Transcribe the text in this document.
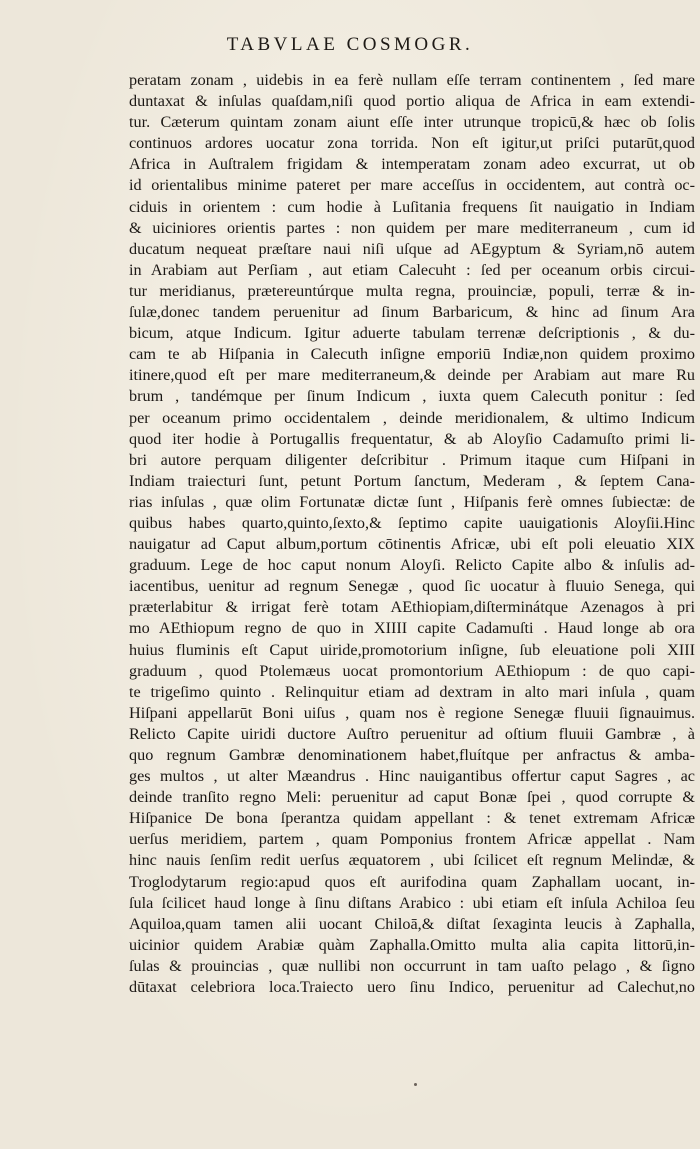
TABVLAE COSMOGR.
peratam zonam , uidebis in ea ferè nullam eſſe terram continentem , ſed mare
duntaxat & inſulas quaſdam,niſi quod portio aliqua de Africa in eam extendi-
tur. Cæterum quintam zonam aiunt eſſe inter utrunque tropicū,& hæc ob ſolis
continuos ardores uocatur zona torrida. Non eſt igitur,ut priſci putarūt,quod
Africa in Auſtralem frigidam & intemperatam zonam adeo excurrat, ut ob
id orientalibus minime pateret per mare acceſſus in occidentem, aut contrà oc-
ciduis in orientem : cum hodie à Luſitania frequens ſit nauigatio in Indiam
& uiciniores orientis partes : non quidem per mare mediterraneum , cum id
ducatum nequeat præſtare naui niſi uſque ad AEgyptum & Syriam,nō autem
in Arabiam aut Perſiam , aut etiam Calecuht : ſed per oceanum orbis circui-
tur meridianus, prætereuntúrque multa regna, prouinciæ, populi, terræ & in-
ſulæ,donec tandem peruenitur ad ſinum Barbaricum, & hinc ad ſinum Ara
bicum, atque Indicum. Igitur aduerte tabulam terrenæ deſcriptionis , & du-
cam te ab Hiſpania in Calecuth inſigne emporiū Indiæ,non quidem proximo
itinere,quod eſt per mare mediterraneum,& deinde per Arabiam aut mare Ru
brum , tandémque per ſinum Indicum , iuxta quem Calecuth ponitur : ſed
per oceanum primo occidentalem , deinde meridionalem, & ultimo Indicum
quod iter hodie à Portugallis frequentatur, & ab Aloyſio Cadamuſto primi li-
bri autore perquam diligenter deſcribitur . Primum itaque cum Hiſpani in
Indiam traiecturi ſunt, petunt Portum ſanctum, Mederam , & ſeptem Cana-
rias inſulas , quæ olim Fortunatæ dictæ ſunt , Hiſpanis ferè omnes ſubiectæ: de
quibus habes quarto,quinto,ſexto,& ſeptimo capite uauigationis Aloyſii.Hinc
nauigatur ad Caput album,portum cōtinentis Africæ, ubi eſt poli eleuatio XIX
graduum. Lege de hoc caput nonum Aloyſi. Relicto Capite albo & inſulis ad-
iacentibus, uenitur ad regnum Senegæ , quod ſic uocatur à fluuio Senega, qui
præterlabitur & irrigat ferè totam AEthiopiam,diſterminátque Azenagos à pri
mo AEthiopum regno de quo in XIIII capite Cadamuſti . Haud longe ab ora
huius fluminis eſt Caput uiride,promotorium inſigne, ſub eleuatione poli XIII
graduum , quod Ptolemæus uocat promontorium AEthiopum : de quo capi-
te trigeſimo quinto . Relinquitur etiam ad dextram in alto mari inſula , quam
Hiſpani appellarūt Boni uiſus , quam nos è regione Senegæ fluuii ſignauimus.
Relicto Capite uiridi ductore Auſtro peruenitur ad oſtium fluuii Gambræ , à
quo regnum Gambræ denominationem habet,fluítque per anfractus & amba-
ges multos , ut alter Mæandrus . Hinc nauigantibus offertur caput Sagres , ac
deinde tranſito regno Meli: peruenitur ad caput Bonæ ſpei , quod corrupte &
Hiſpanice De bona ſperantza quidam appellant : & tenet extremam Africæ
uerſus meridiem, partem , quam Pomponius frontem Africæ appellat . Nam
hinc nauis ſenſim redit uerſus æquatorem , ubi ſcilicet eſt regnum Melindæ, &
Troglodytarum regio:apud quos eſt aurifodina quam Zaphallam uocant, in-
ſula ſcilicet haud longe à ſinu diſtans Arabico : ubi etiam eſt inſula Achiloa ſeu
Aquiloa,quam tamen alii uocant Chiloā,& diſtat ſexaginta leucis à Zaphalla,
uicinior quidem Arabiæ quàm Zaphalla.Omitto multa alia capita littorū,in-
ſulas & prouincias , quæ nullibi non occurrunt in tam uaſto pelago , & ſigno
dūtaxat celebriora loca.Traiecto uero ſinu Indico, peruenitur ad Calechut,no
